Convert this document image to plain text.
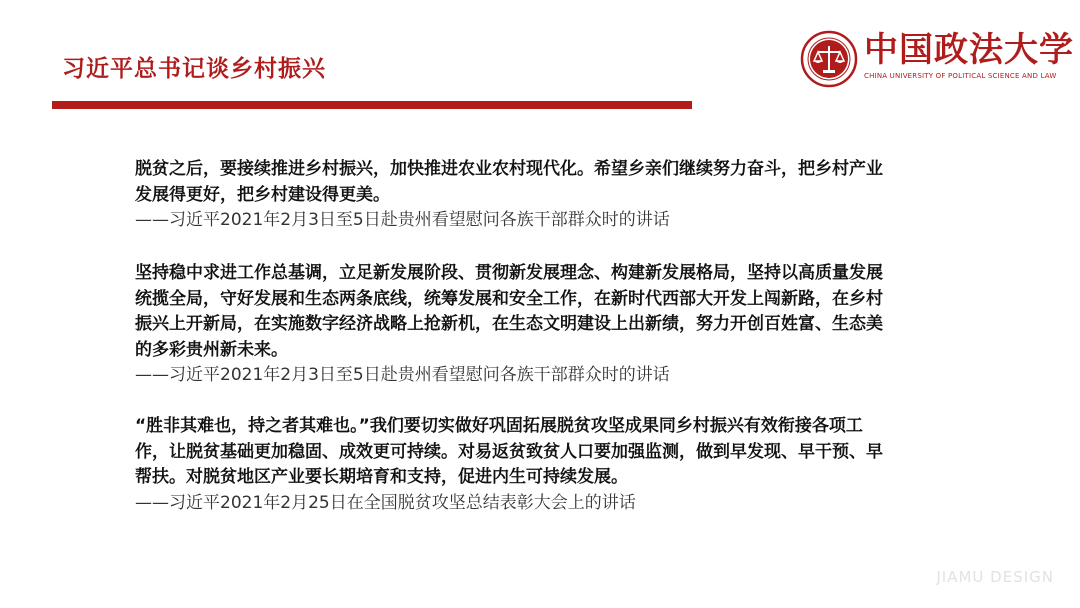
习近平总书记谈乡村振兴	中国政法大学
CHINA UNIVERSITY OF POLITICAL SCIENCE AND LAW
脱贫之后，要接续推进乡村振兴，加快推进农业农村现代化。希望乡亲们继续努力奋斗，把乡村产业发展得更好，把乡村建设得更美。
——习近平2021年2月3日至5日赴贵州看望慰问各族干部群众时的讲话
坚持稳中求进工作总基调，立足新发展阶段、贯彻新发展理念、构建新发展格局，坚持以高质量发展统揽全局，守好发展和生态两条底线，统筹发展和安全工作，在新时代西部大开发上闯新路，在乡村振兴上开新局，在实施数字经济战略上抢新机，在生态文明建设上出新绩，努力开创百姓富、生态美的多彩贵州新未来。
——习近平2021年2月3日至5日赴贵州看望慰问各族干部群众时的讲话
“胜非其难也，持之者其难也。”我们要切实做好巩固拓展脱贫攻坚成果同乡村振兴有效衔接各项工作，让脱贫基础更加稳固、成效更可持续。对易返贫致贫人口要加强监测，做到早发现、早干预、早帮扶。对脱贫地区产业要长期培育和支持，促进内生可持续发展。
——习近平2021年2月25日在全国脱贫攻坚总结表彰大会上的讲话
JIAMU DESIGN
